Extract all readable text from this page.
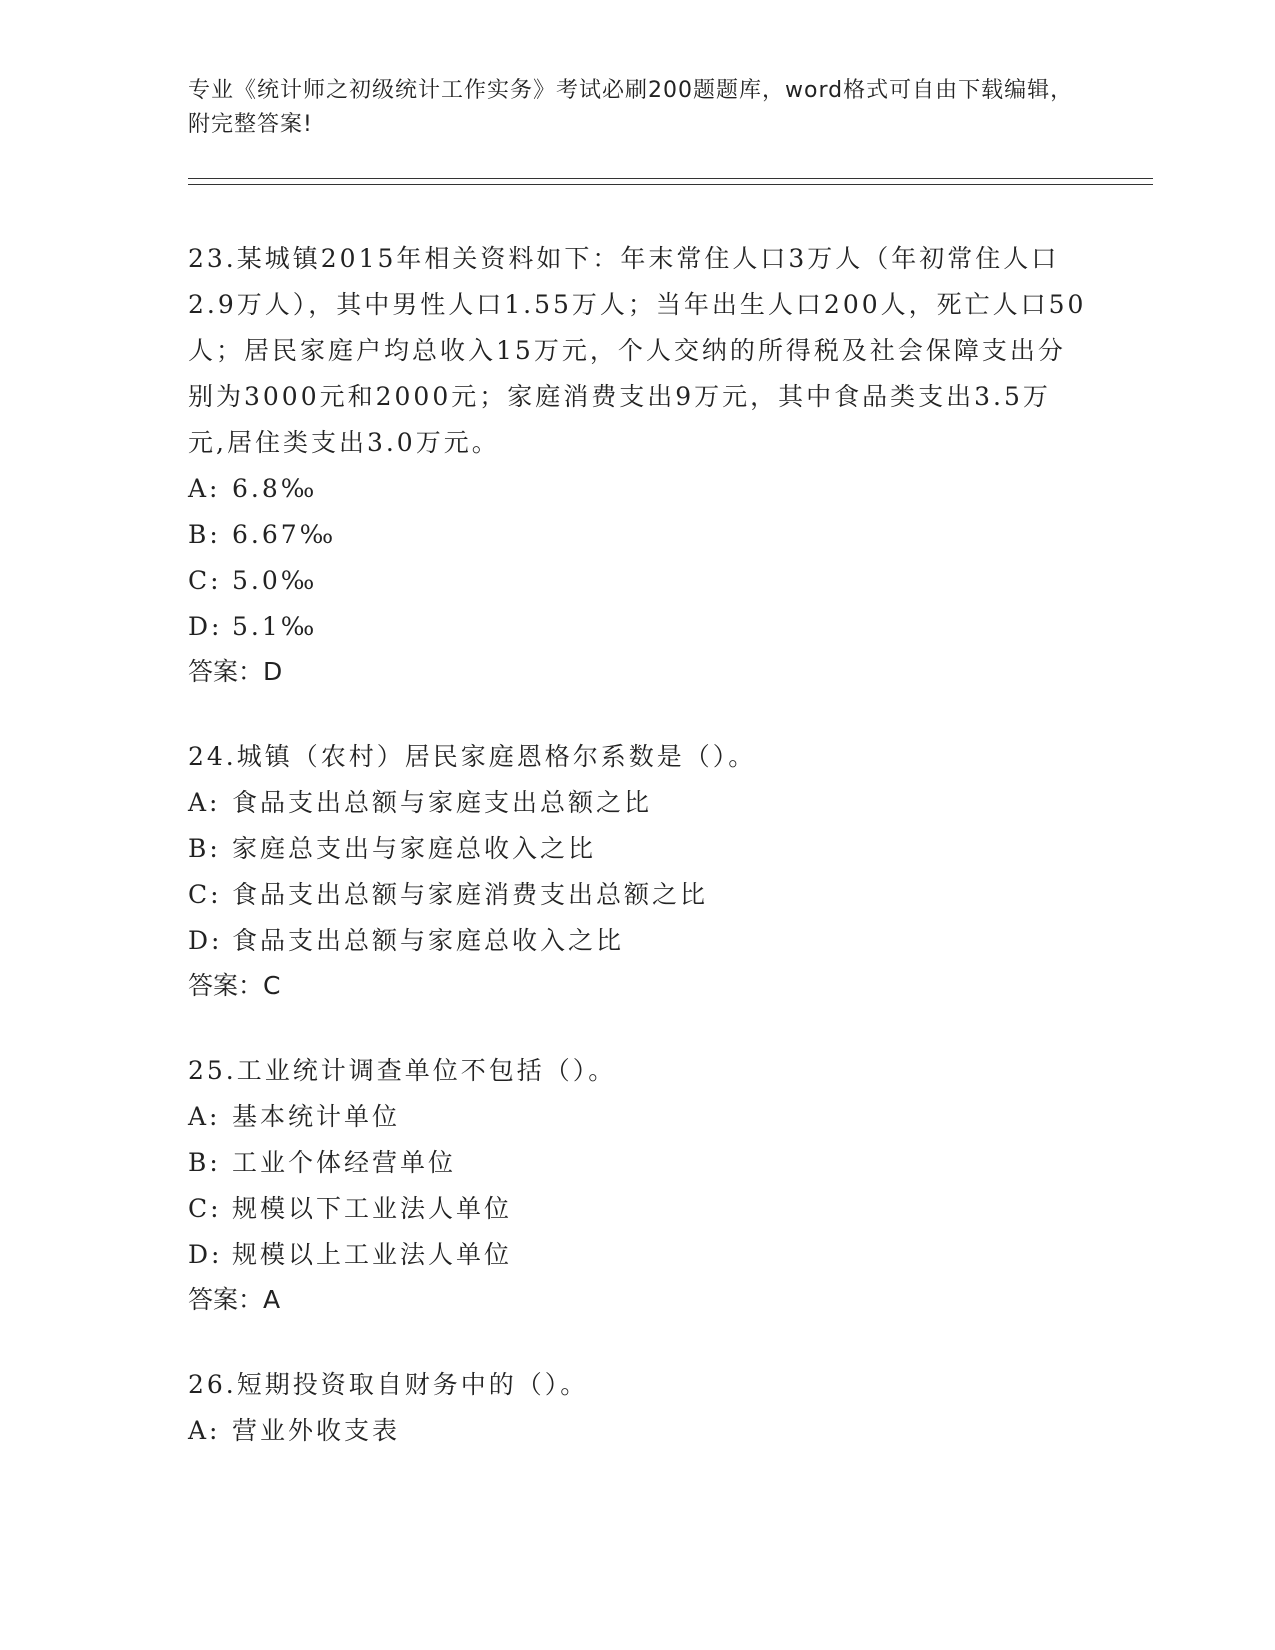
专业《统计师之初级统计工作实务》考试必刷200题题库，word格式可自由下载编辑，附完整答案!

23.某城镇2015年相关资料如下：年末常住人口3万人（年初常住人口2.9万人），其中男性人口1.55万人；当年出生人口200人，死亡人口50人；居民家庭户均总收入15万元，个人交纳的所得税及社会保障支出分别为3000元和2000元；家庭消费支出9万元，其中食品类支出3.5万元,居住类支出3.0万元。

A: 6.8‰

B: 6.67‰

C: 5.0‰

D: 5.1‰

答案：D

24.城镇（农村）居民家庭恩格尔系数是（）。

A: 食品支出总额与家庭支出总额之比

B: 家庭总支出与家庭总收入之比

C: 食品支出总额与家庭消费支出总额之比

D: 食品支出总额与家庭总收入之比

答案：C

25.工业统计调查单位不包括（）。

A: 基本统计单位

B: 工业个体经营单位

C: 规模以下工业法人单位

D: 规模以上工业法人单位

答案：A

26.短期投资取自财务中的（）。

A: 营业外收支表
